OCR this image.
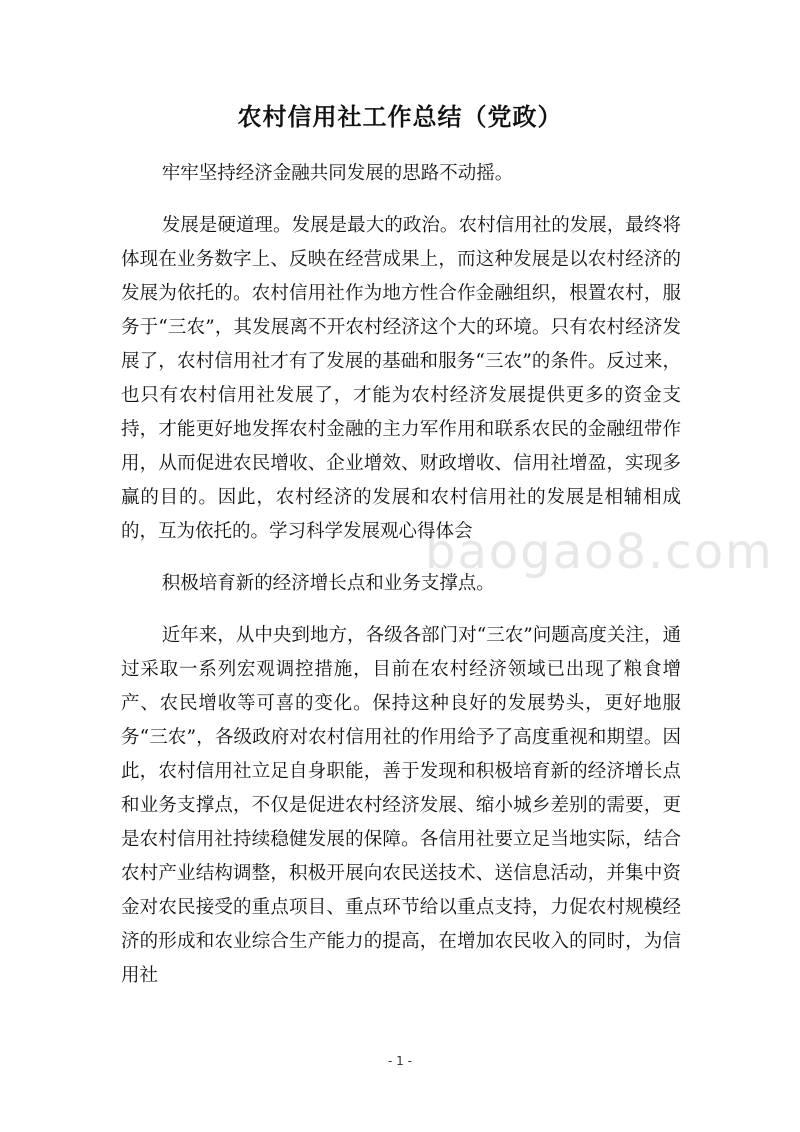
baogao8.com
农村信用社工作总结（党政）

牢牢坚持经济金融共同发展的思路不动摇。

发展是硬道理。发展是最大的政治。农村信用社的发展，最终将体现在业务数字上、反映在经营成果上，而这种发展是以农村经济的发展为依托的。农村信用社作为地方性合作金融组织，根置农村，服务于“三农”，其发展离不开农村经济这个大的环境。只有农村经济发展了，农村信用社才有了发展的基础和服务“三农”的条件。反过来，也只有农村信用社发展了，才能为农村经济发展提供更多的资金支持，才能更好地发挥农村金融的主力军作用和联系农民的金融纽带作用，从而促进农民增收、企业增效、财政增收、信用社增盈，实现多赢的目的。因此，农村经济的发展和农村信用社的发展是相辅相成的，互为依托的。学习科学发展观心得体会

积极培育新的经济增长点和业务支撑点。

近年来，从中央到地方，各级各部门对“三农”问题高度关注，通过采取一系列宏观调控措施，目前在农村经济领域已出现了粮食增产、农民增收等可喜的变化。保持这种良好的发展势头，更好地服务“三农”，各级政府对农村信用社的作用给予了高度重视和期望。因此，农村信用社立足自身职能，善于发现和积极培育新的经济增长点和业务支撑点，不仅是促进农村经济发展、缩小城乡差别的需要，更是农村信用社持续稳健发展的保障。各信用社要立足当地实际，结合农村产业结构调整，积极开展向农民送技术、送信息活动，并集中资金对农民接受的重点项目、重点环节给以重点支持，力促农村规模经济的形成和农业综合生产能力的提高，在增加农民收入的同时，为信用社

- 1 -
